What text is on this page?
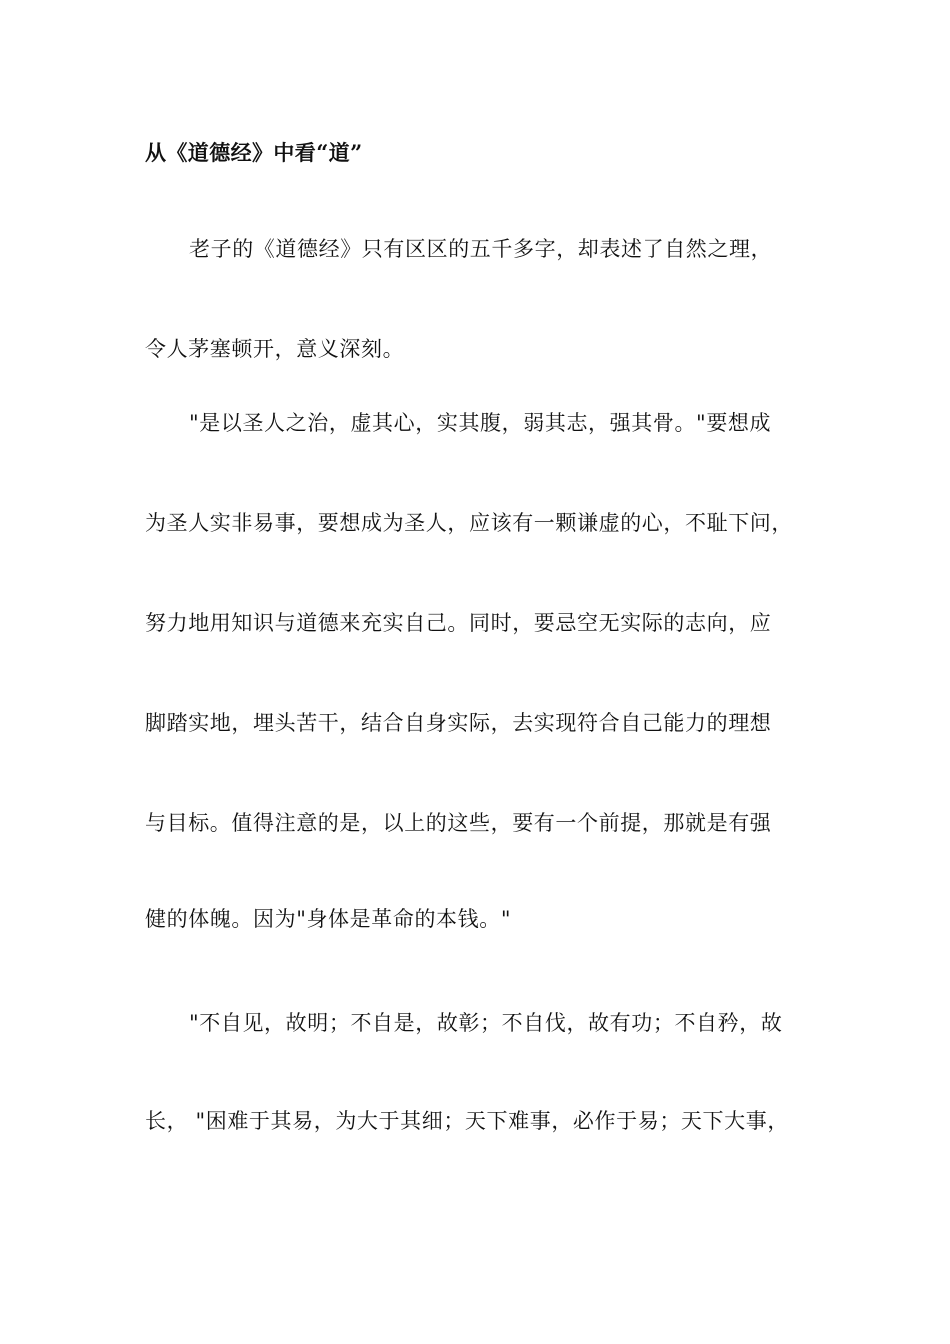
从《道德经》中看“道”
老子的《道德经》只有区区的五千多字，却表述了自然之理，
令人茅塞顿开，意义深刻。
"是以圣人之治，虚其心，实其腹，弱其志，强其骨。"要想成
为圣人实非易事，要想成为圣人，应该有一颗谦虚的心，不耻下问，
努力地用知识与道德来充实自己。同时，要忌空无实际的志向，应
脚踏实地，埋头苦干，结合自身实际，去实现符合自己能力的理想
与目标。值得注意的是，以上的这些，要有一个前提，那就是有强
健的体魄。因为"身体是革命的本钱。"
"不自见，故明；不自是，故彰；不自伐，故有功；不自矜，故
长， "困难于其易，为大于其细；天下难事，必作于易；天下大事，
